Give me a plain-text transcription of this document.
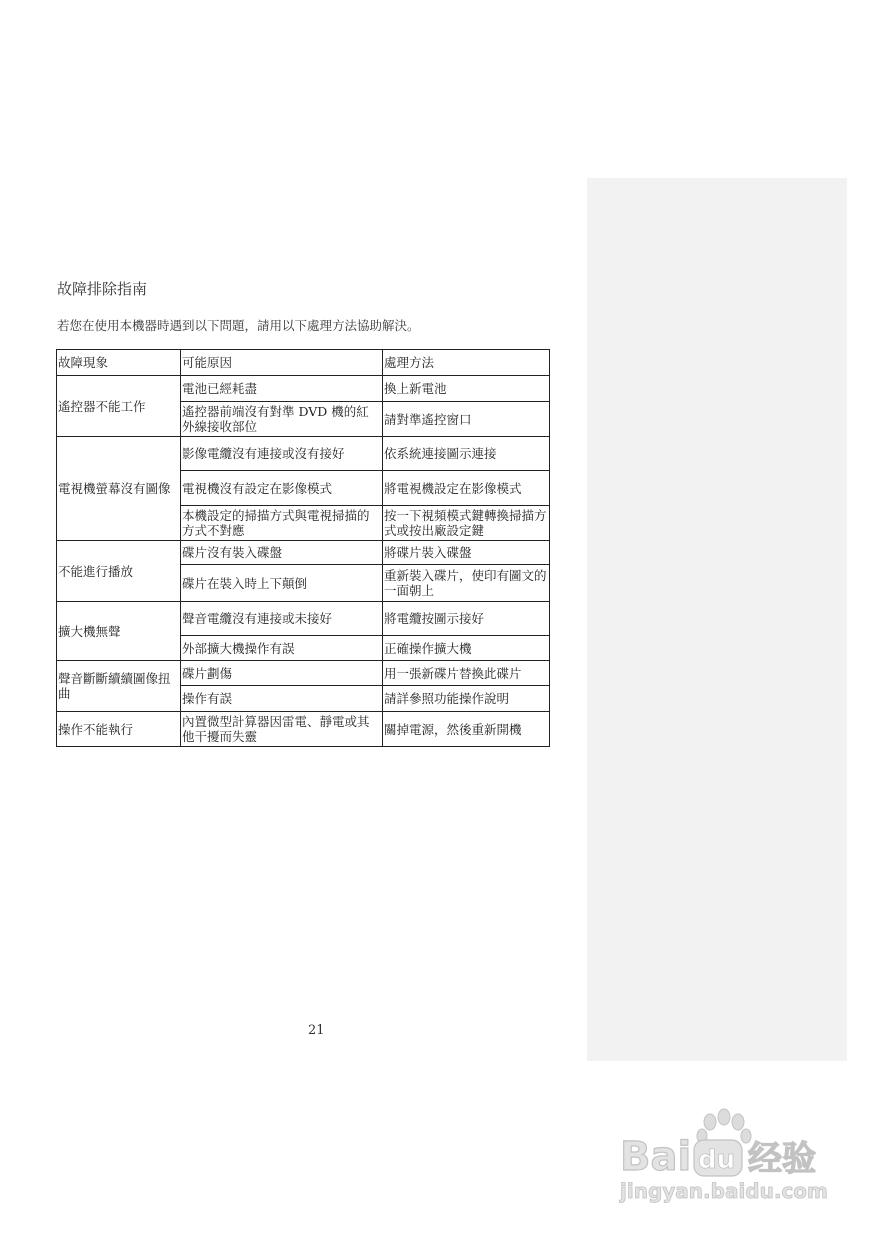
故障排除指南
若您在使用本機器時遇到以下問題，請用以下處理方法協助解決。
故障現象	可能原因	處理方法
遙控器不能工作	電池已經耗盡	換上新電池
	遙控器前端沒有對準 DVD 機的紅外線接收部位	請對準遙控窗口
電視機螢幕沒有圖像	影像電纜沒有連接或沒有接好	依系統連接圖示連接
	電視機沒有設定在影像模式	將電視機設定在影像模式
	本機設定的掃描方式與電視掃描的方式不對應	按一下視頻模式鍵轉換掃描方式或按出廠設定鍵
不能進行播放	碟片沒有裝入碟盤	將碟片裝入碟盤
	碟片在裝入時上下顛倒	重新裝入碟片，使印有圖文的一面朝上
擴大機無聲	聲音電纜沒有連接或未接好	將電纜按圖示接好
	外部擴大機操作有誤	正確操作擴大機
聲音斷斷續續圖像扭曲	碟片劃傷	用一張新碟片替換此碟片
	操作有誤	請詳參照功能操作說明
操作不能執行	內置微型計算器因雷電、靜電或其他干擾而失靈	關掉電源，然後重新開機
21
Bai du 经验
jingyan.baidu.com
